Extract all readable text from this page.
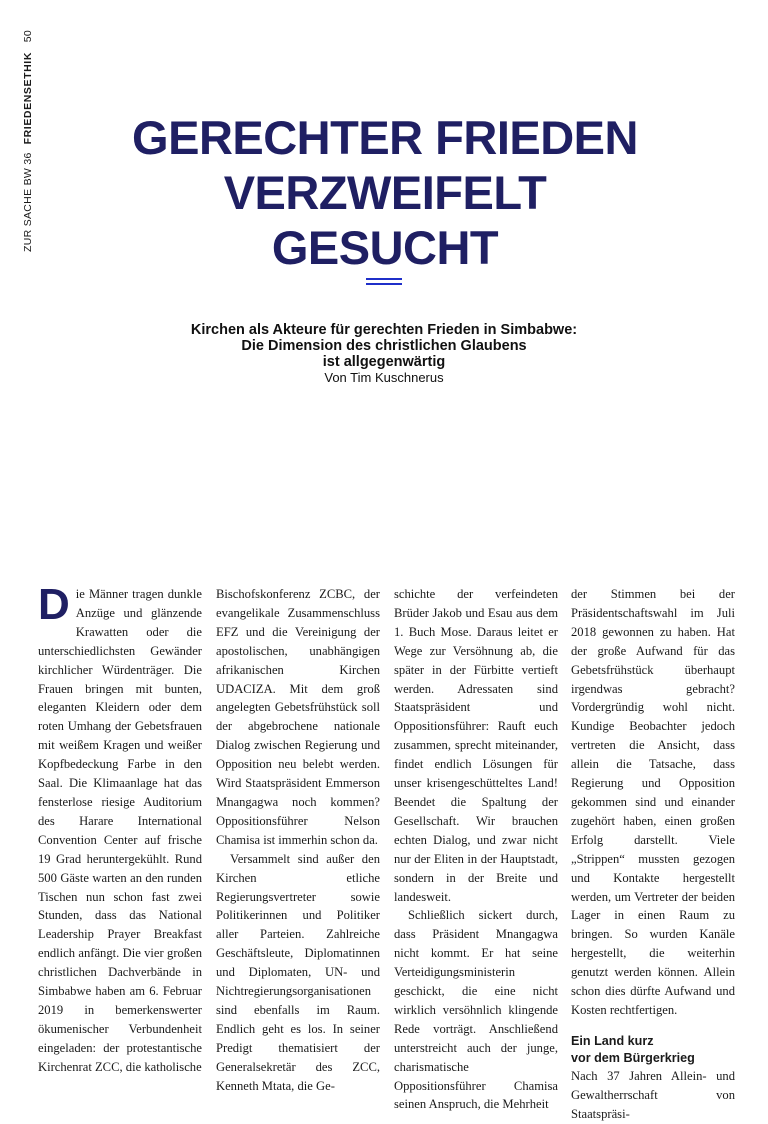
ZUR SACHE BW 36
FRIEDENSETHIK
50
GERECHTER FRIEDEN
VERZWEIFELT
GESUCHT
Kirchen als Akteure für gerechten Frieden in Simbabwe:
Die Dimension des christlichen Glaubens
ist allgegenwärtig
Von Tim Kuschnerus

D ie Männer tragen dunkle Anzüge und glänzende Krawatten oder die unterschiedlichsten Gewänder kirchlicher Würdenträger. Die Frauen bringen mit bunten, eleganten Kleidern oder dem roten Umhang der Gebetsfrauen mit weißem Kragen und weißer Kopfbedeckung Farbe in den Saal. Die Klimaanlage hat das fensterlose riesige Auditorium des Harare International Convention Center auf frische 19 Grad heruntergekühlt. Rund 500 Gäste warten an den runden Tischen nun schon fast zwei Stunden, dass das National Leadership Prayer Breakfast endlich anfängt. Die vier großen christlichen Dachverbände in Simbabwe haben am 6. Februar 2019 in bemerkenswerter ökumenischer Verbundenheit eingeladen: der protestantische Kirchenrat ZCC, die katholische

Bischofskonferenz ZCBC, der evangelikale Zusammenschluss EFZ und die Vereinigung der apostolischen, unabhängigen afrikanischen Kirchen UDACIZA. Mit dem groß angelegten Gebetsfrühstück soll der abgebrochene nationale Dialog zwischen Regierung und Opposition neu belebt werden. Wird Staatspräsident Emmerson Mnangagwa noch kommen? Oppositionsführer Nelson Chamisa ist immerhin schon da.

Versammelt sind außer den Kirchen etliche Regierungsvertreter sowie Politikerinnen und Politiker aller Parteien. Zahlreiche Geschäftsleute, Diplomatinnen und Diplomaten, UN- und Nichtregierungsorganisationen sind ebenfalls im Raum. Endlich geht es los. In seiner Predigt thematisiert der Generalsekretär des ZCC, Kenneth Mtata, die Ge-

schichte der verfeindeten Brüder Jakob und Esau aus dem 1. Buch Mose. Daraus leitet er Wege zur Versöhnung ab, die später in der Fürbitte vertieft werden. Adressaten sind Staatspräsident und Oppositionsführer: Rauft euch zusammen, sprecht miteinander, findet endlich Lösungen für unser krisengeschütteltes Land! Beendet die Spaltung der Gesellschaft. Wir brauchen echten Dialog, und zwar nicht nur der Eliten in der Hauptstadt, sondern in der Breite und landesweit.

Schließlich sickert durch, dass Präsident Mnangagwa nicht kommt. Er hat seine Verteidigungsministerin geschickt, die eine nicht wirklich versöhnlich klingende Rede vorträgt. Anschließend unterstreicht auch der junge, charismatische Oppositionsführer Chamisa seinen Anspruch, die Mehrheit

der Stimmen bei der Präsidentschaftswahl im Juli 2018 gewonnen zu haben. Hat der große Aufwand für das Gebetsfrühstück überhaupt irgendwas gebracht? Vordergründig wohl nicht. Kundige Beobachter jedoch vertreten die Ansicht, dass allein die Tatsache, dass Regierung und Opposition gekommen sind und einander zugehört haben, einen großen Erfolg darstellt. Viele „Strippen“ mussten gezogen und Kontakte hergestellt werden, um Vertreter der beiden Lager in einen Raum zu bringen. So wurden Kanäle hergestellt, die weiterhin genutzt werden können. Allein schon dies dürfte Aufwand und Kosten rechtfertigen.

Ein Land kurz
vor dem Bürgerkrieg

Nach 37 Jahren Allein- und Gewaltherrschaft von Staatspräsi-
